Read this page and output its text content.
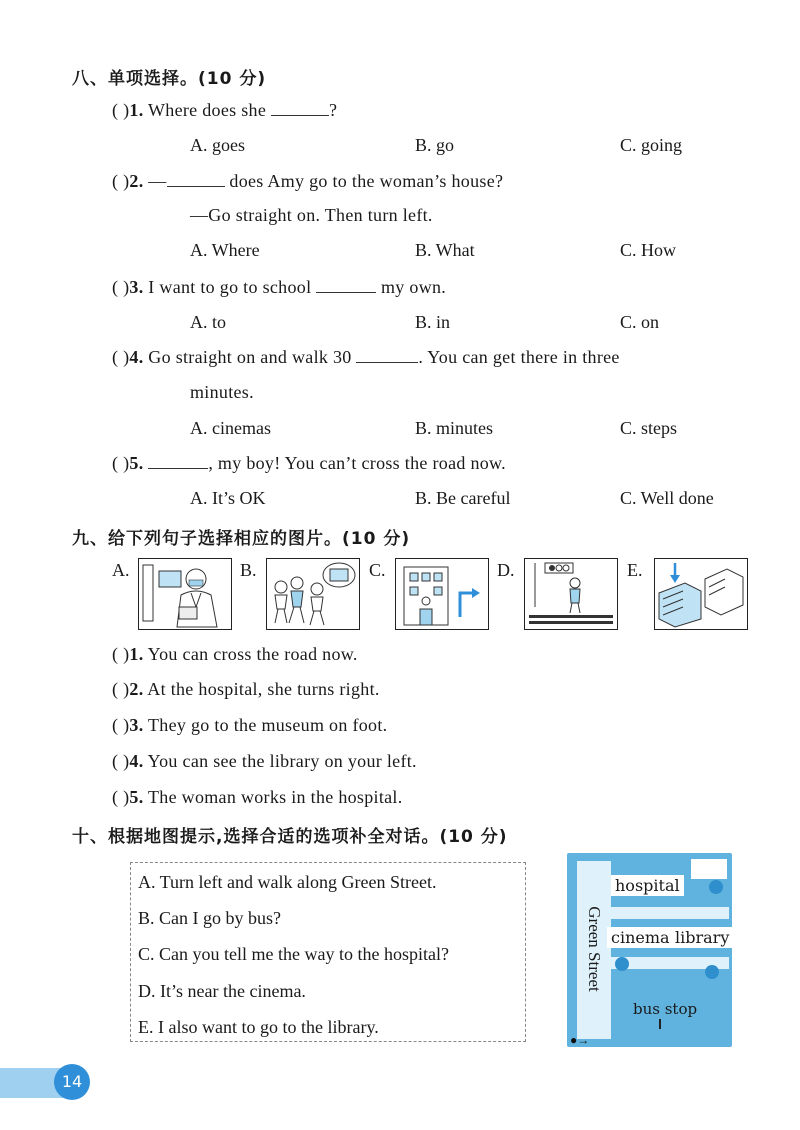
八、单项选择。(10 分)
( )1. Where does she	?
A. goes	B. go	C. going
( )2. —	does Amy go to the woman’s house?
—Go straight on. Then turn left.
A. Where	B. What	C. How
( )3. I want to go to school	my own.
A. to	B. in	C. on
( )4. Go straight on and walk 30	. You can get there in three
minutes.
A. cinemas	B. minutes	C. steps
( )5.	, my boy! You can’t cross the road now.
A. It’s OK	B. Be careful	C. Well done
九、给下列句子选择相应的图片。(10 分)
A.	B.	C.	D.	E.
( )1. You can cross the road now.
( )2. At the hospital, she turns right.
( )3. They go to the museum on foot.
( )4. You can see the library on your left.
( )5. The woman works in the hospital.
十、根据地图提示,选择合适的选项补全对话。(10 分)
A. Turn left and walk along Green Street.
B. Can I go by bus?
C. Can you tell me the way to the hospital?
D. It’s near the cinema.
E. I also want to go to the library.
Green Street
hospital
cinema library
bus stop
●→
14
